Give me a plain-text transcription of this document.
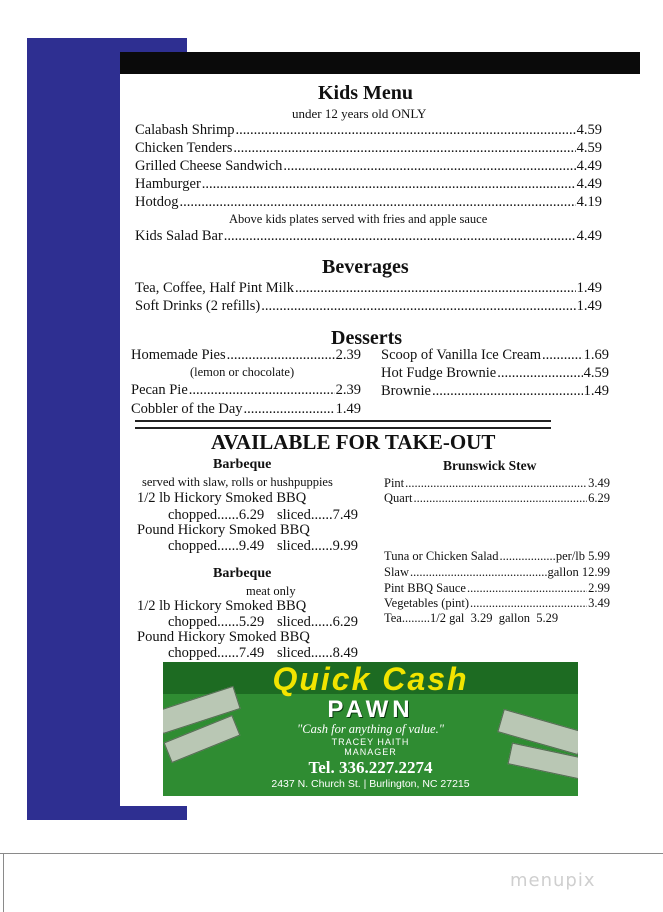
Kids Menu
under 12 years old ONLY
Calabash Shrimp .....	4.59
Chicken Tenders .....	4.59
Grilled Cheese Sandwich .....	4.49
Hamburger .....	4.49
Hotdog .....	4.19
Above kids plates served with fries and apple sauce
Kids Salad Bar .....	4.49
Beverages
Tea, Coffee, Half Pint Milk .....	1.49
Soft Drinks (2 refills) .....	1.49
Desserts
Homemade Pies .....	2.39
(lemon or chocolate)
Pecan Pie .....	2.39
Cobbler of the Day .....	1.49
Scoop of Vanilla Ice Cream .....	1.69
Hot Fudge Brownie .....	4.59
Brownie .....	1.49
AVAILABLE FOR TAKE-OUT
Barbeque
served with slaw, rolls or hushpuppies
1/2 lb Hickory Smoked BBQ
chopped......6.29 sliced......7.49
Pound Hickory Smoked BBQ
chopped......9.49 sliced......9.99
Barbeque
meat only
1/2 lb Hickory Smoked BBQ
chopped......5.29 sliced......6.29
Pound Hickory Smoked BBQ
chopped......7.49 sliced......8.49
Brunswick Stew
Pint .....	3.49
Quart .....	6.29
Tuna or Chicken Salad .....	per/lb 5.99
Slaw .....	gallon 12.99
Pint BBQ Sauce .....	2.99
Vegetables (pint) .....	3.49
Tea.........1/2 gal  3.29  gallon  5.29
Quick Cash
PAWN
"Cash for anything of value."
TRACEY HAITH
MANAGER
Tel. 336.227.2274
2437 N. Church St. | Burlington, NC 27215
menupix
